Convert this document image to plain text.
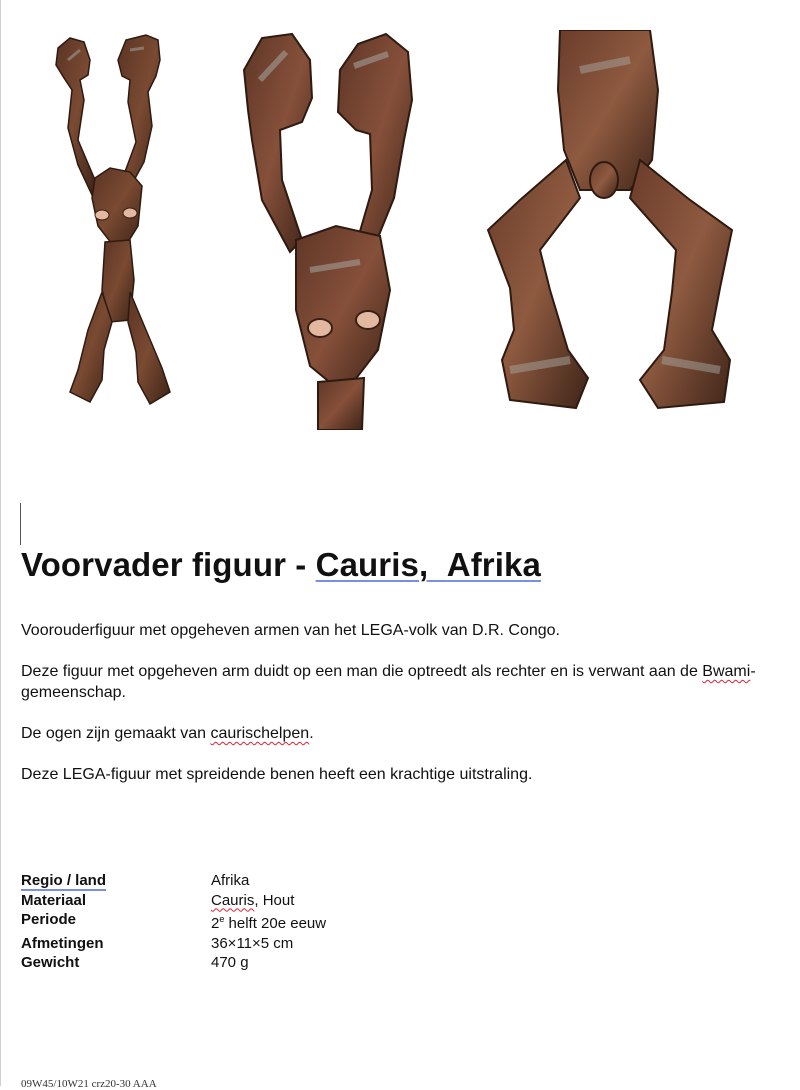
Voorvader figuur - Cauris, Afrika

Voorouderfiguur met opgeheven armen van het LEGA-volk van D.R. Congo.

Deze figuur met opgeheven arm duidt op een man die optreedt als rechter en is verwant aan de Bwami-gemeenschap.

De ogen zijn gemaakt van caurischelpen.

Deze LEGA-figuur met spreidende benen heeft een krachtige uitstraling.

Regio / land	Afrika
Materiaal	Cauris, Hout
Periode	2e helft 20e eeuw
Afmetingen	36×11×5 cm
Gewicht	470 g
09W45/10W21 crz20-30 AAA
